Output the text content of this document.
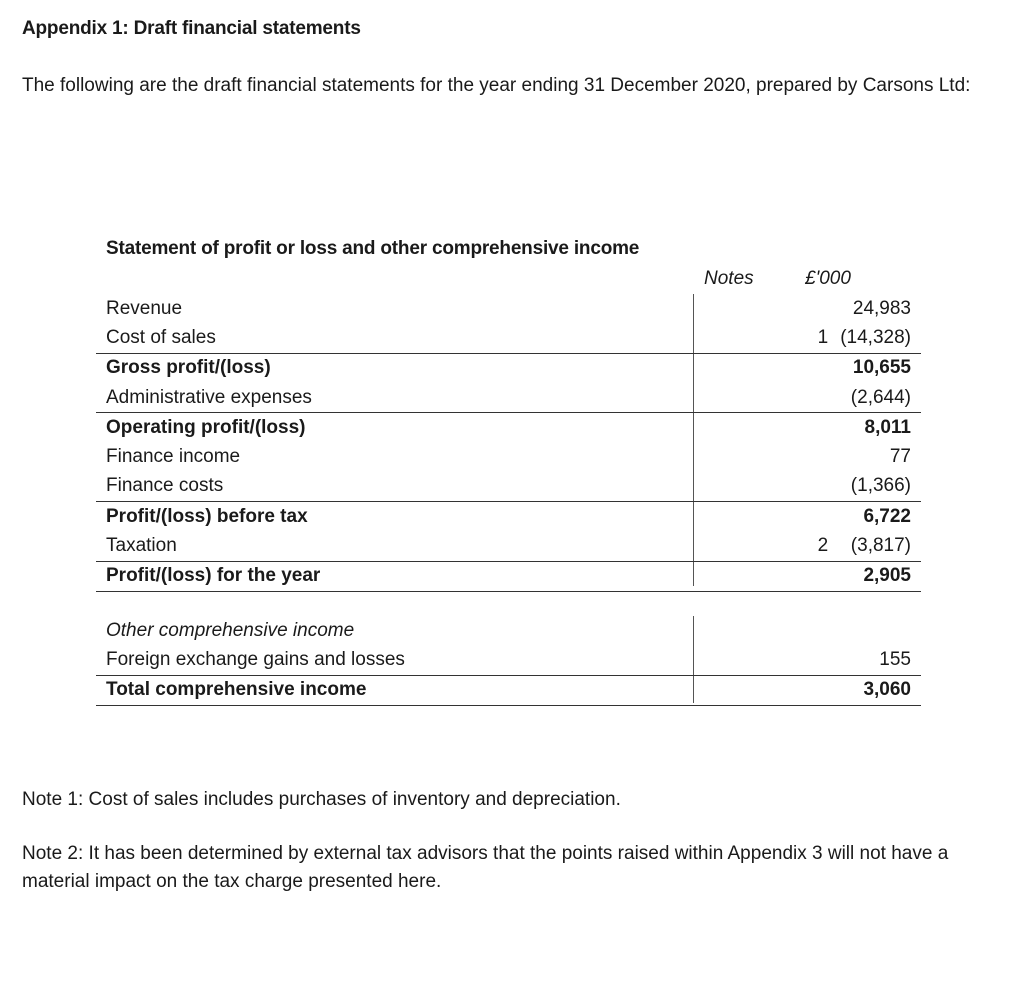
Appendix 1: Draft financial statements
The following are the draft financial statements for the year ending 31 December 2020, prepared by Carsons Ltd:
Statement of profit or loss and other comprehensive income
Notes	£'000
Revenue		24,983
Cost of sales	1	(14,328)
Gross profit/(loss)		10,655
Administrative expenses		(2,644)
Operating profit/(loss)		8,011
Finance income		77
Finance costs		(1,366)
Profit/(loss) before tax		6,722
Taxation	2	(3,817)
Profit/(loss) for the year		2,905
Other comprehensive income		
Foreign exchange gains and losses		155
Total comprehensive income		3,060
Note 1: Cost of sales includes purchases of inventory and depreciation.
Note 2: It has been determined by external tax advisors that the points raised within Appendix 3 will not have a material impact on the tax charge presented here.
